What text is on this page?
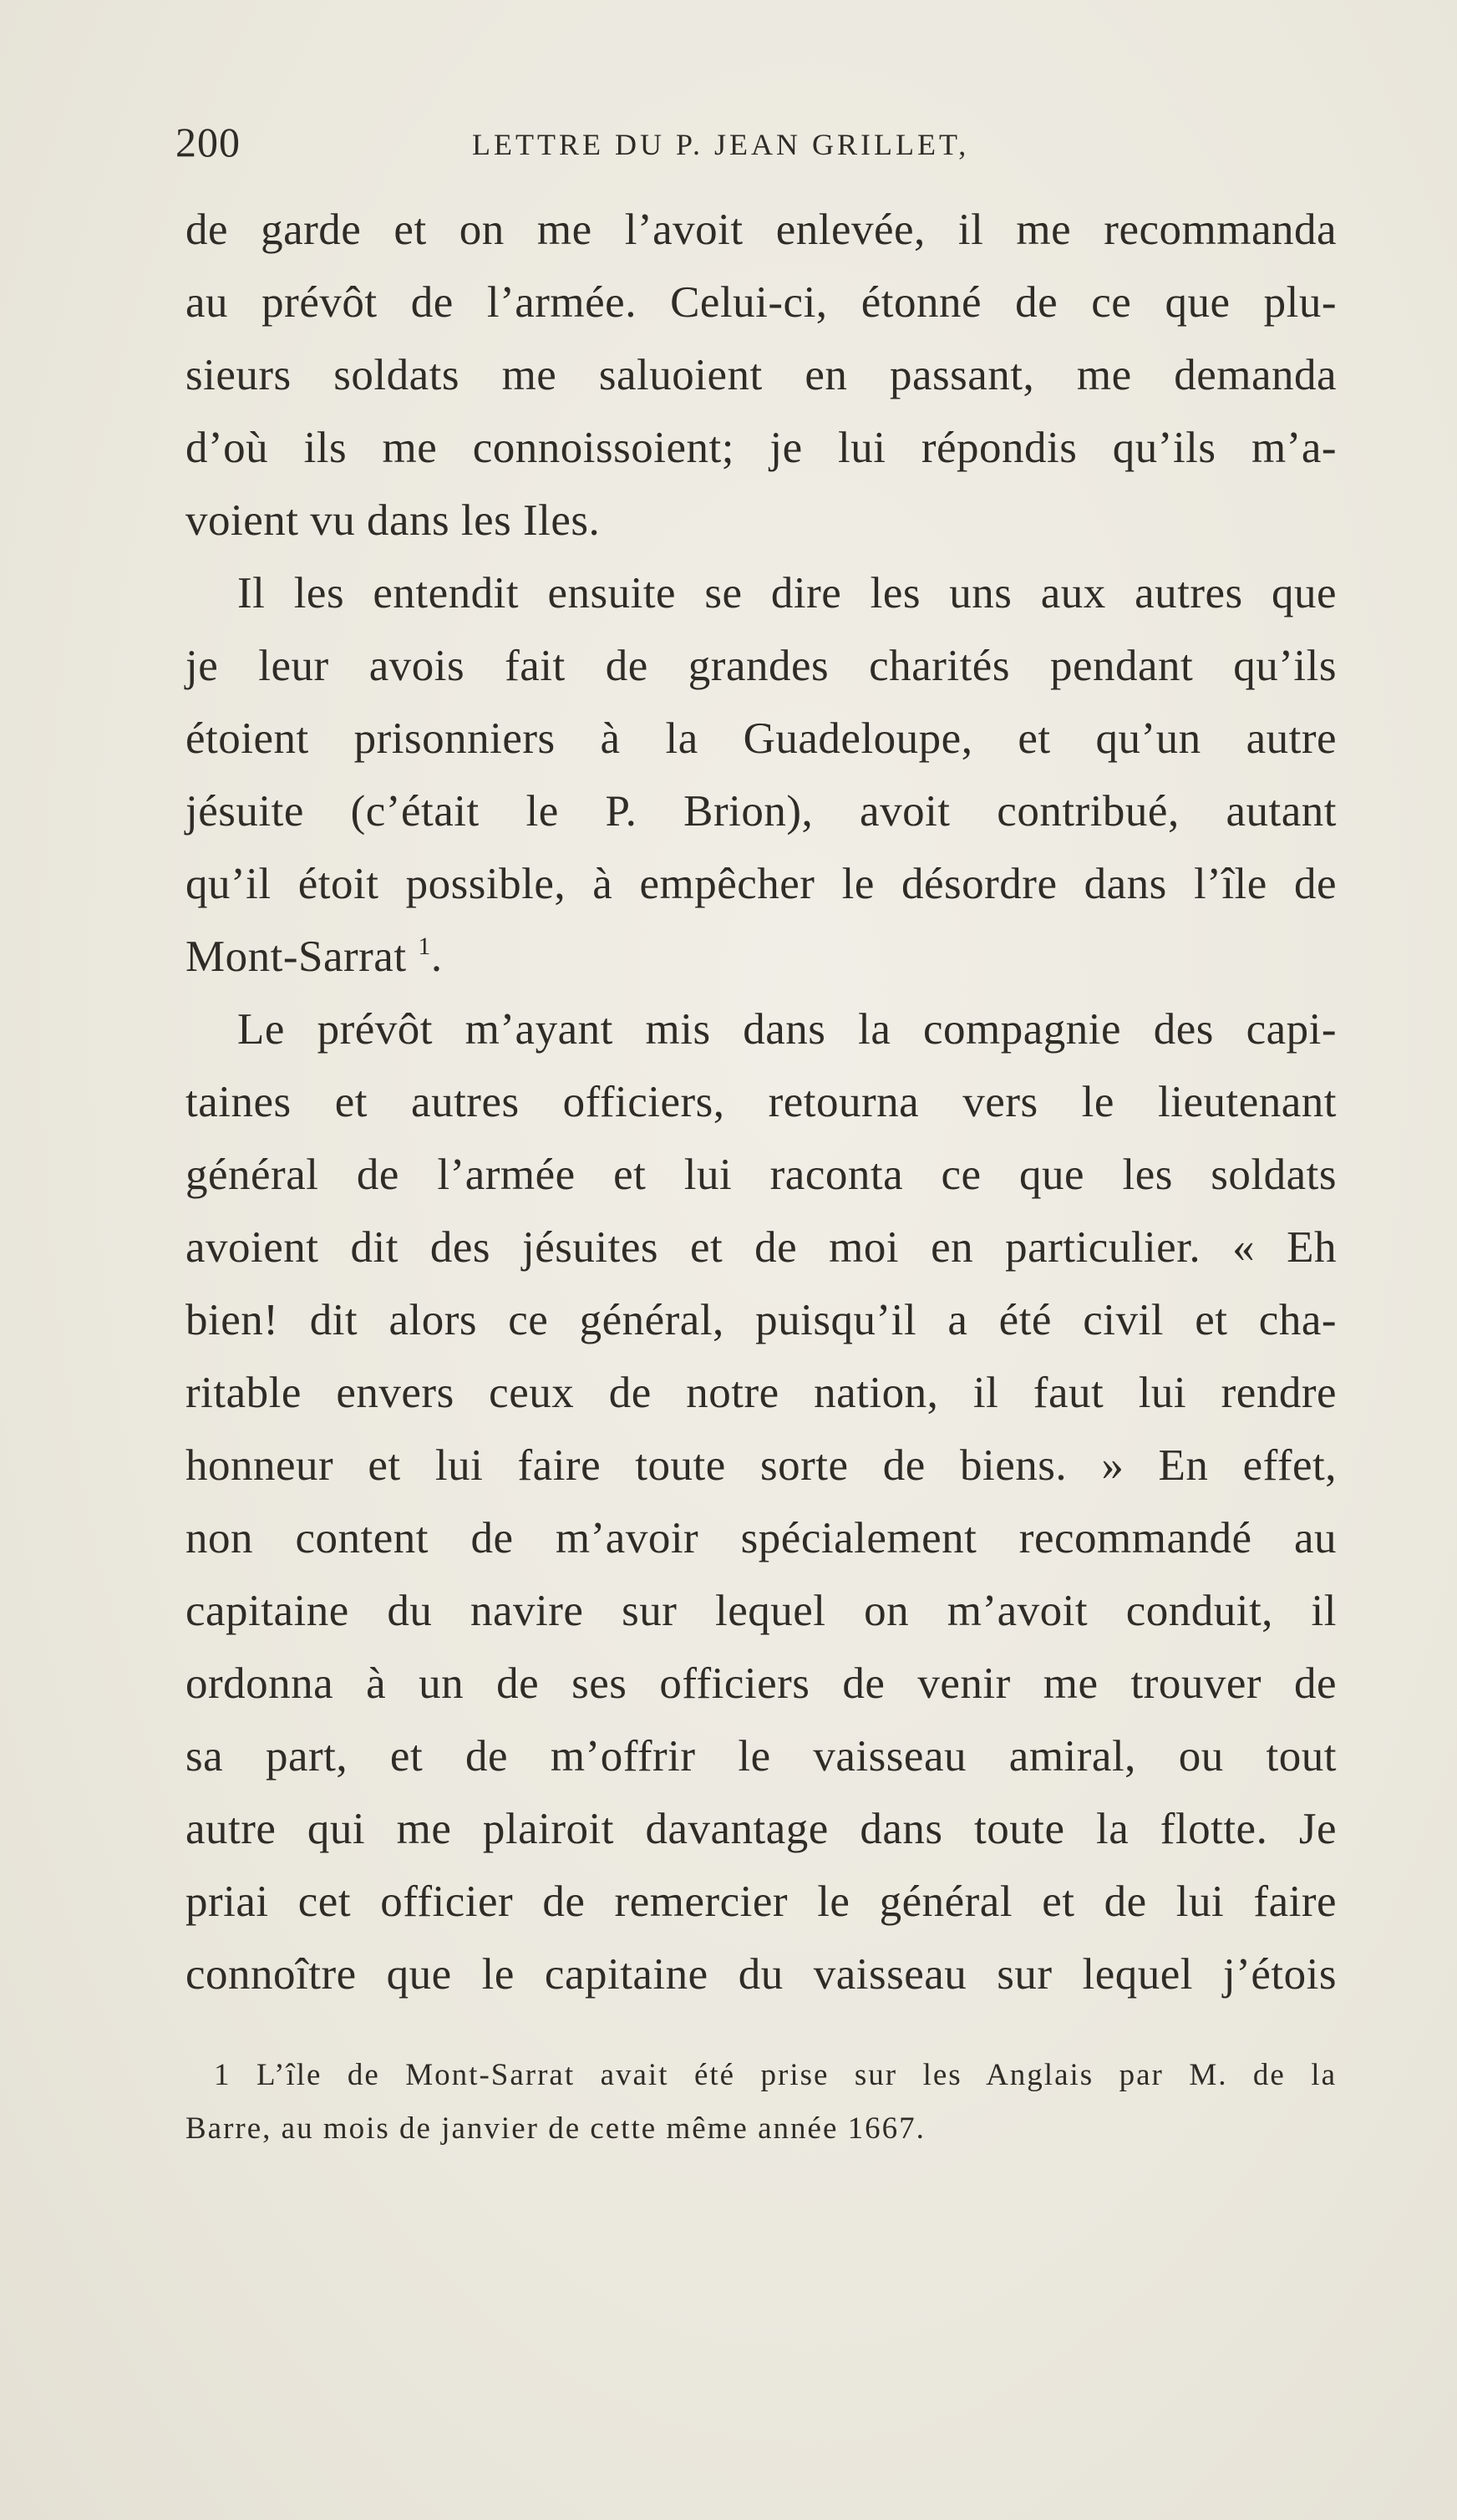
200	LETTRE DU P. JEAN GRILLET,
de garde et on me l’avoit enlevée, il me recommanda
au prévôt de l’armée. Celui-ci, étonné de ce que plu-
sieurs soldats me saluoient en passant, me demanda
d’où ils me connoissoient; je lui répondis qu’ils m’a-
voient vu dans les Iles.
Il les entendit ensuite se dire les uns aux autres que
je leur avois fait de grandes charités pendant qu’ils
étoient prisonniers à la Guadeloupe, et qu’un autre
jésuite (c’était le P. Brion), avoit contribué, autant
qu’il étoit possible, à empêcher le désordre dans l’île de
Mont-Sarrat $^1$.
Le prévôt m’ayant mis dans la compagnie des capi-
taines et autres officiers, retourna vers le lieutenant
général de l’armée et lui raconta ce que les soldats
avoient dit des jésuites et de moi en particulier. « Eh
bien! dit alors ce général, puisqu’il a été civil et cha-
ritable envers ceux de notre nation, il faut lui rendre
honneur et lui faire toute sorte de biens. » En effet,
non content de m’avoir spécialement recommandé au
capitaine du navire sur lequel on m’avoit conduit, il
ordonna à un de ses officiers de venir me trouver de
sa part, et de m’offrir le vaisseau amiral, ou tout
autre qui me plairoit davantage dans toute la flotte. Je
priai cet officier de remercier le général et de lui faire
connoître que le capitaine du vaisseau sur lequel j’étois
1 L’île de Mont-Sarrat avait été prise sur les Anglais par M. de la
Barre, au mois de janvier de cette même année 1667.
